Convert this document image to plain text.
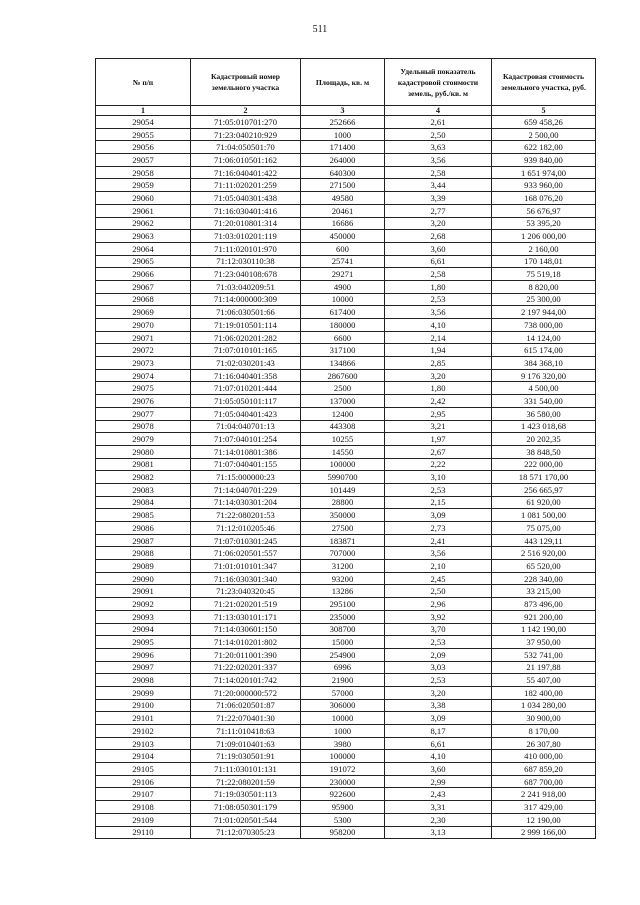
511
№ п/п	Кадастровый номер земельного участка	Площадь, кв. м	Удельный показатель кадастровой стоимости земель, руб./кв. м	Кадастровая стоимость земельного участка, руб.
1	2	3	4	5
29054	71:05:010701:270	252666	2,61	659 458,26
29055	71:23:040210:929	1000	2,50	2 500,00
29056	71:04:050501:70	171400	3,63	622 182,00
29057	71:06:010501:162	264000	3,56	939 840,00
29058	71:16:040401:422	640300	2,58	1 651 974,00
29059	71:11:020201:259	271500	3,44	933 960,00
29060	71:05:040301:438	49580	3,39	168 076,20
29061	71:16:030401:416	20461	2,77	56 676,97
29062	71:20:010801:314	16686	3,20	53 395,20
29063	71:03:010201:119	450000	2,68	1 206 000,00
29064	71:11:020101:970	600	3,60	2 160,00
29065	71:12:030110:38	25741	6,61	170 148,01
29066	71:23:040108:678	29271	2,58	75 519,18
29067	71:03:040209:51	4900	1,80	8 820,00
29068	71:14:000000:309	10000	2,53	25 300,00
29069	71:06:030501:66	617400	3,56	2 197 944,00
29070	71:19:010501:114	180000	4,10	738 000,00
29071	71:06:020201:282	6600	2,14	14 124,00
29072	71:07:010101:165	317100	1,94	615 174,00
29073	71:02:030201:43	134866	2,85	384 368,10
29074	71:16:040401:358	2867600	3,20	9 176 320,00
29075	71:07:010201:444	2500	1,80	4 500,00
29076	71:05:050101:117	137000	2,42	331 540,00
29077	71:05:040401:423	12400	2,95	36 580,00
29078	71:04:040701:13	443308	3,21	1 423 018,68
29079	71:07:040101:254	10255	1,97	20 202,35
29080	71:14:010801:386	14550	2,67	38 848,50
29081	71:07:040401:155	100000	2,22	222 000,00
29082	71:15:000000:23	5990700	3,10	18 571 170,00
29083	71:14:040701:229	101449	2,53	256 665,97
29084	71:14:030301:204	28800	2,15	61 920,00
29085	71:22:080201:53	350000	3,09	1 081 500,00
29086	71:12:010205:46	27500	2,73	75 075,00
29087	71:07:010301:245	183871	2,41	443 129,11
29088	71:06:020501:557	707000	3,56	2 516 920,00
29089	71:01:010101:347	31200	2,10	65 520,00
29090	71:16:030301:340	93200	2,45	228 340,00
29091	71:23:040320:45	13286	2,50	33 215,00
29092	71:21:020201:519	295100	2,96	873 496,00
29093	71:13:030101:171	235000	3,92	921 200,00
29094	71:14:030601:150	308700	3,70	1 142 190,00
29095	71:14:010201:802	15000	2,53	37 950,00
29096	71:20:011001:390	254900	2,09	532 741,00
29097	71:22:020201:337	6996	3,03	21 197,88
29098	71:14:020101:742	21900	2,53	55 407,00
29099	71:20:000000:572	57000	3,20	182 400,00
29100	71:06:020501:87	306000	3,38	1 034 280,00
29101	71:22:070401:30	10000	3,09	30 900,00
29102	71:11:010418:63	1000	8,17	8 170,00
29103	71:09:010401:63	3980	6,61	26 307,80
29104	71:19:030501:91	100000	4,10	410 000,00
29105	71:11:030101:131	191072	3,60	687 859,20
29106	71:22:080201:59	230000	2,99	687 700,00
29107	71:19:030501:113	922600	2,43	2 241 918,00
29108	71:08:050301:179	95900	3,31	317 429,00
29109	71:01:020501:544	5300	2,30	12 190,00
29110	71:12:070305:23	958200	3,13	2 999 166,00
